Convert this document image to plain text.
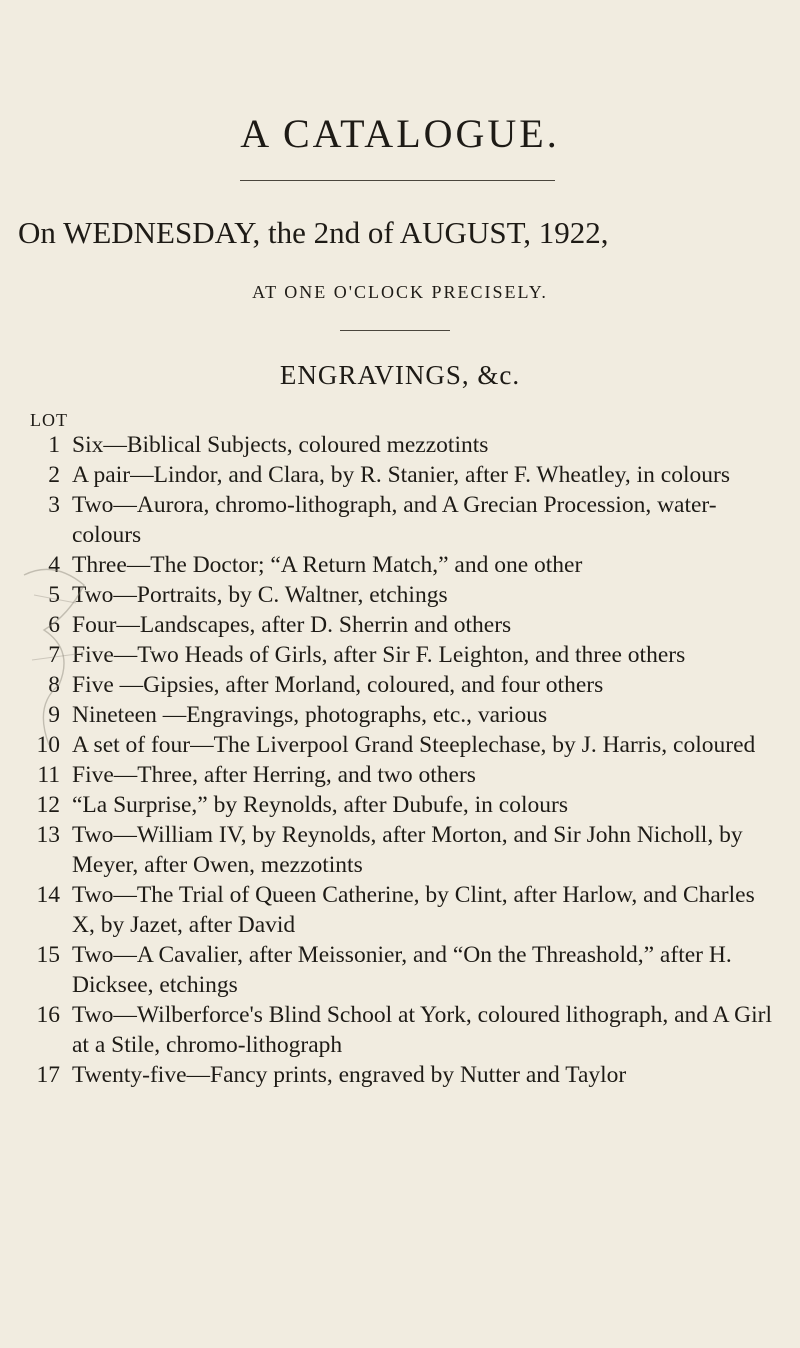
A CATALOGUE.
On WEDNESDAY, the 2nd of AUGUST, 1922,
AT ONE O'CLOCK PRECISELY.
ENGRAVINGS, &c.
LOT
1 Six—Biblical Subjects, coloured mezzotints
2 A pair—Lindor, and Clara, by R. Stanier, after F. Wheatley, in colours
3 Two—Aurora, chromo-lithograph, and A Grecian Procession, water-colours
4 Three—The Doctor; “A Return Match,” and one other
5 Two—Portraits, by C. Waltner, etchings
6 Four—Landscapes, after D. Sherrin and others
7 Five—Two Heads of Girls, after Sir F. Leighton, and three others
8 Five —Gipsies, after Morland, coloured, and four others
9 Nineteen —Engravings, photographs, etc., various
10 A set of four—The Liverpool Grand Steeplechase, by J. Harris, coloured
11 Five—Three, after Herring, and two others
12 “La Surprise,” by Reynolds, after Dubufe, in colours
13 Two—William IV, by Reynolds, after Morton, and Sir John Nicholl, by Meyer, after Owen, mezzotints
14 Two—The Trial of Queen Catherine, by Clint, after Harlow, and Charles X, by Jazet, after David
15 Two—A Cavalier, after Meissonier, and “On the Threashold,” after H. Dicksee, etchings
16 Two—Wilberforce's Blind School at York, coloured lithograph, and A Girl at a Stile, chromo-lithograph
17 Twenty-five—Fancy prints, engraved by Nutter and Taylor
